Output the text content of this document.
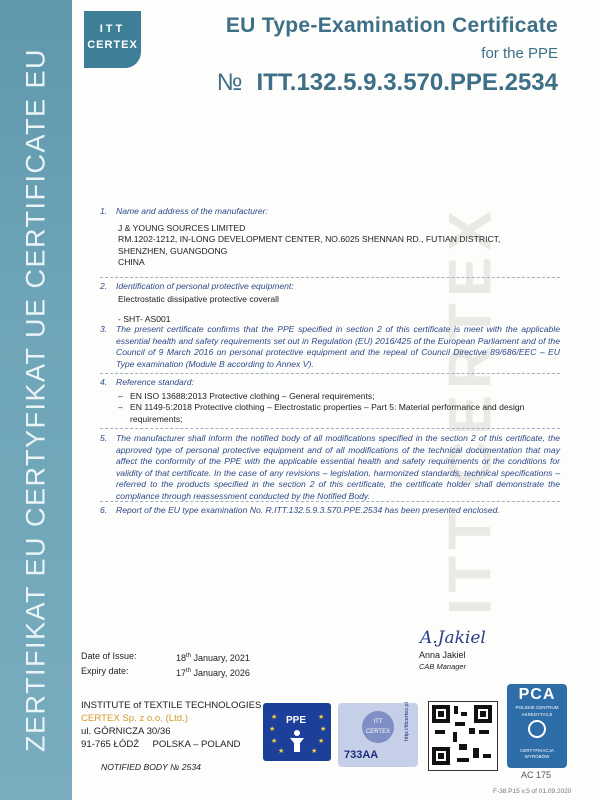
ZERTIFIKAT EU CERTYFIKAT UE CERTIFICATE EU
ITT
CERTEX
EU Type-Examination Certificate
for the PPE
№ ITT.132.5.9.3.570.PPE.2534
ITT CERTEX
1. Name and address of the manufacturer:
J & YOUNG SOURCES LIMITED
RM.1202-1212, IN-LONG DEVELOPMENT CENTER, NO.6025 SHENNAN RD., FUTIAN DISTRICT,
SHENZHEN, GUANGDONG
CHINA
2. Identification of personal protective equipment:
Electrostatic dissipative protective coverall
- SHT- AS001
3. The present certificate confirms that the PPE specified in section 2 of this certificate is meet with the applicable essential health and safety requirements set out in Regulation (EU) 2016/425 of the European Parliament and of the Council of 9 March 2016 on personal protective equipment and the repeal of Council Directive 89/686/EEC – EU Type examination (Module B according to Annex V).
4. Reference standard:
– EN ISO 13688:2013 Protective clothing – General requirements;
– EN 1149-5:2018 Protective clothing – Electrostatic properties – Part 5: Material performance and design requirements;
5. The manufacturer shall inform the notified body of all modifications specified in the section 2 of this certificate, the approved type of personal protective equipment and of all modifications of the technical documentation that may affect the conformity of the PPE with the applicable essential health and safety requirements or the conditions for validity of that certificate. In the case of any revisions – legislation, harmonized standards, technical specifications – referred to the products specified in the section 2 of this certificate, the certificate holder shall demonstrate the compliance through reassessment conducted by the Notified Body.
6. Report of the EU type examination No. R.ITT.132.5.9.3.570.PPE.2534 has been presented enclosed.
Date of Issue:	18th January, 2021
Expiry date:	17th January, 2026
A.Jakiel
Anna Jakiel
CAB Manager
INSTITUTE of TEXTILE TECHNOLOGIES
CERTEX Sp. z o.o. (Ltd.)
ul. GÓRNICZA 30/36
91-765 ŁÓDŹ POLSKA – POLAND
NOTIFIED BODY № 2534
★
★
★
★
★
★
★
★
PPE	ITT
CERTEX
733AA
http://ittcertex.pl
PCA
POLSKIE CENTRUM
AKREDYTACJI
CERTYFIKACJA
WYROBÓW
AC 175
F-38.P15 v.5 of 01.09.2020
